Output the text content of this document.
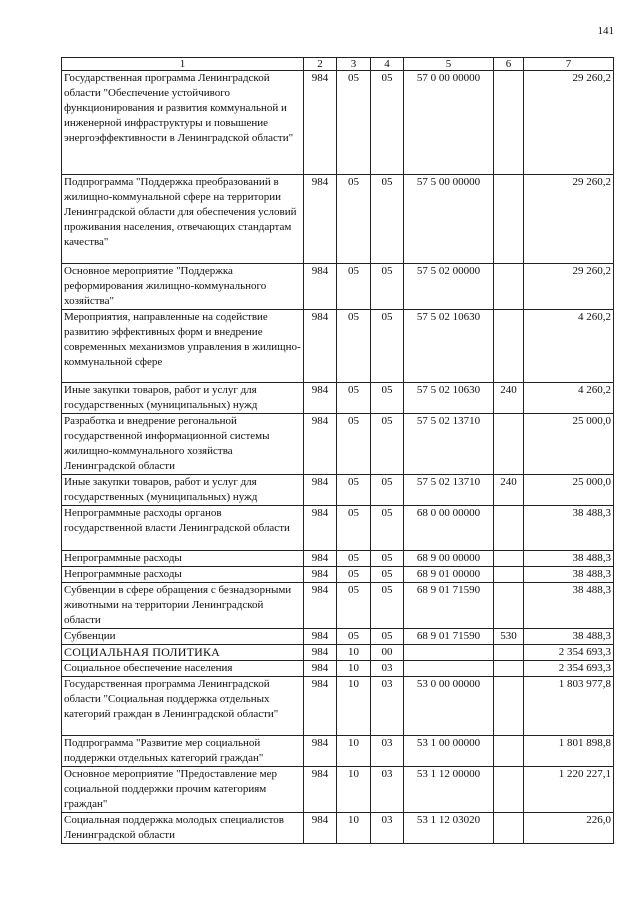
141
1	2	3	4	5	6	7
Государственная программа Ленинградской области "Обеспечение устойчивого функционирования и развития коммунальной и инженерной инфраструктуры и повышение энергоэффективности в Ленинградской области"	984	05	05	57 0 00 00000		29 260,2
Подпрограмма "Поддержка преобразований в жилищно-коммунальной сфере на территории Ленинградской области для обеспечения условий проживания населения, отвечающих стандартам качества"	984	05	05	57 5 00 00000		29 260,2
Основное мероприятие "Поддержка реформирования жилищно-коммунального хозяйства"	984	05	05	57 5 02 00000		29 260,2
Мероприятия, направленные на содействие развитию эффективных форм и внедрение современных механизмов управления в жилищно-коммунальной сфере	984	05	05	57 5 02 10630		4 260,2
Иные закупки товаров, работ и услуг для государственных (муниципальных) нужд	984	05	05	57 5 02 10630	240	4 260,2
Разработка и внедрение регональной государственной информационной системы жилищно-коммунального хозяйства Ленинградской области	984	05	05	57 5 02 13710		25 000,0
Иные закупки товаров, работ и услуг для государственных (муниципальных) нужд	984	05	05	57 5 02 13710	240	25 000,0
Непрограммные расходы органов государственной власти Ленинградской области	984	05	05	68 0 00 00000		38 488,3
Непрограммные расходы	984	05	05	68 9 00 00000		38 488,3
Непрограммные расходы	984	05	05	68 9 01 00000		38 488,3
Субвенции в сфере обращения с безнадзорными животными на территории Ленинградской области	984	05	05	68 9 01 71590		38 488,3
Субвенции	984	05	05	68 9 01 71590	530	38 488,3
СОЦИАЛЬНАЯ ПОЛИТИКА	984	10	00			2 354 693,3
Социальное обеспечение населения	984	10	03			2 354 693,3
Государственная программа Ленинградской области "Социальная поддержка отдельных категорий граждан в Ленинградской области"	984	10	03	53 0 00 00000		1 803 977,8
Подпрограмма "Развитие мер социальной поддержки отдельных категорий граждан"	984	10	03	53 1 00 00000		1 801 898,8
Основное мероприятие "Предоставление мер социальной поддержки прочим категориям граждан"	984	10	03	53 1 12 00000		1 220 227,1
Социальная поддержка молодых специалистов Ленинградской области	984	10	03	53 1 12 03020		226,0
